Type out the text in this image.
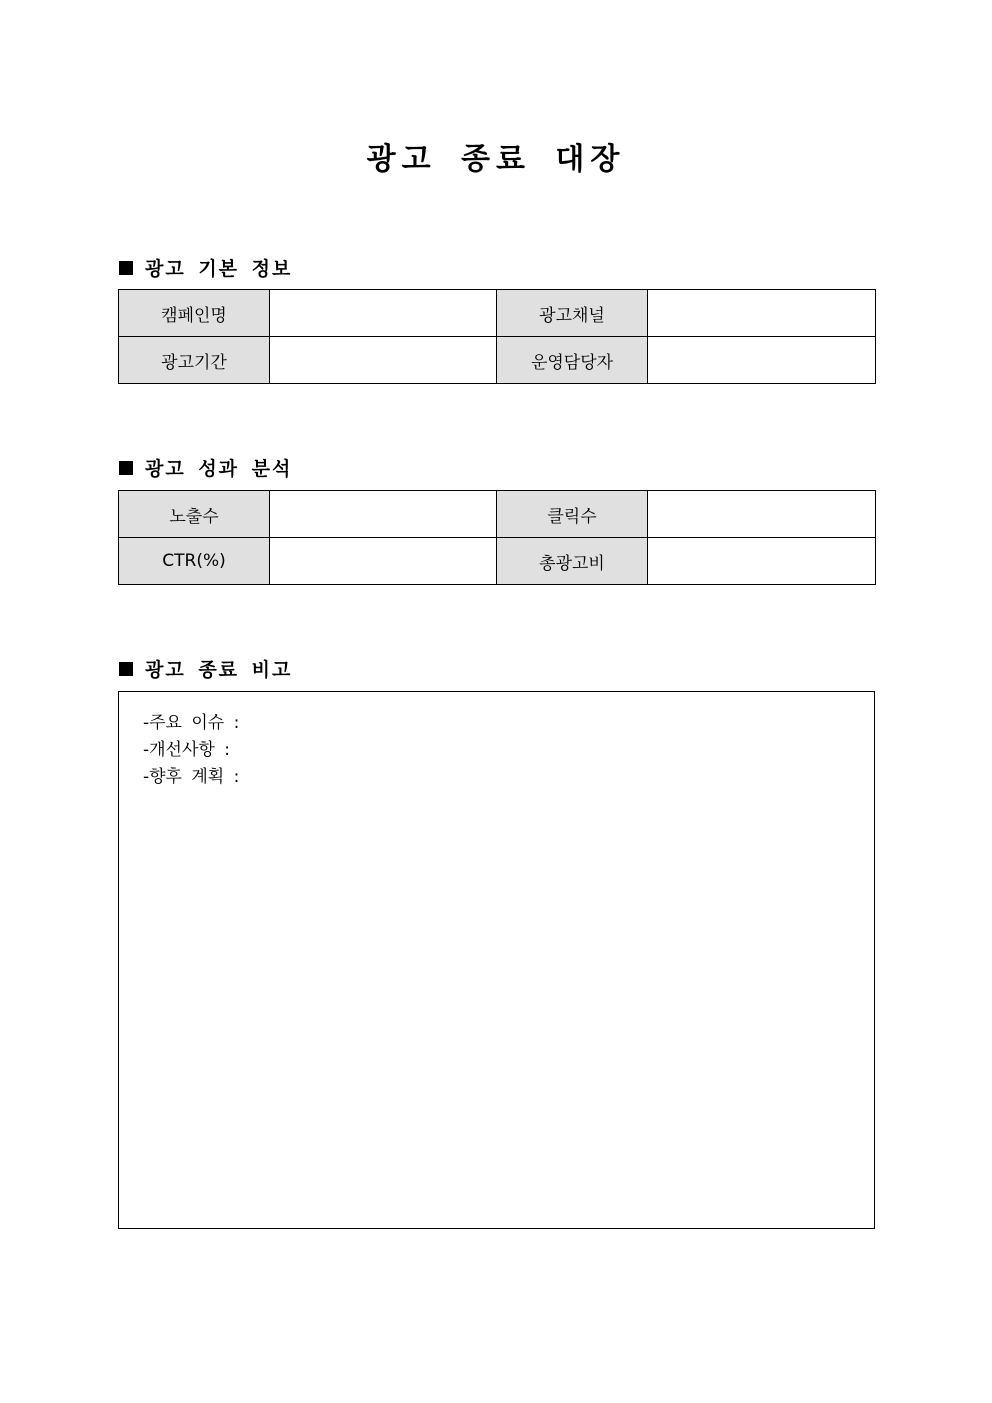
광고 종료 대장
광고 기본 정보
캠페인명		광고채널	
광고기간		운영담당자	
광고 성과 분석
노출수		클릭수	
CTR(%)		총광고비	
광고 종료 비고
-주요 이슈 :
-개선사항 :
-향후 계획 :
